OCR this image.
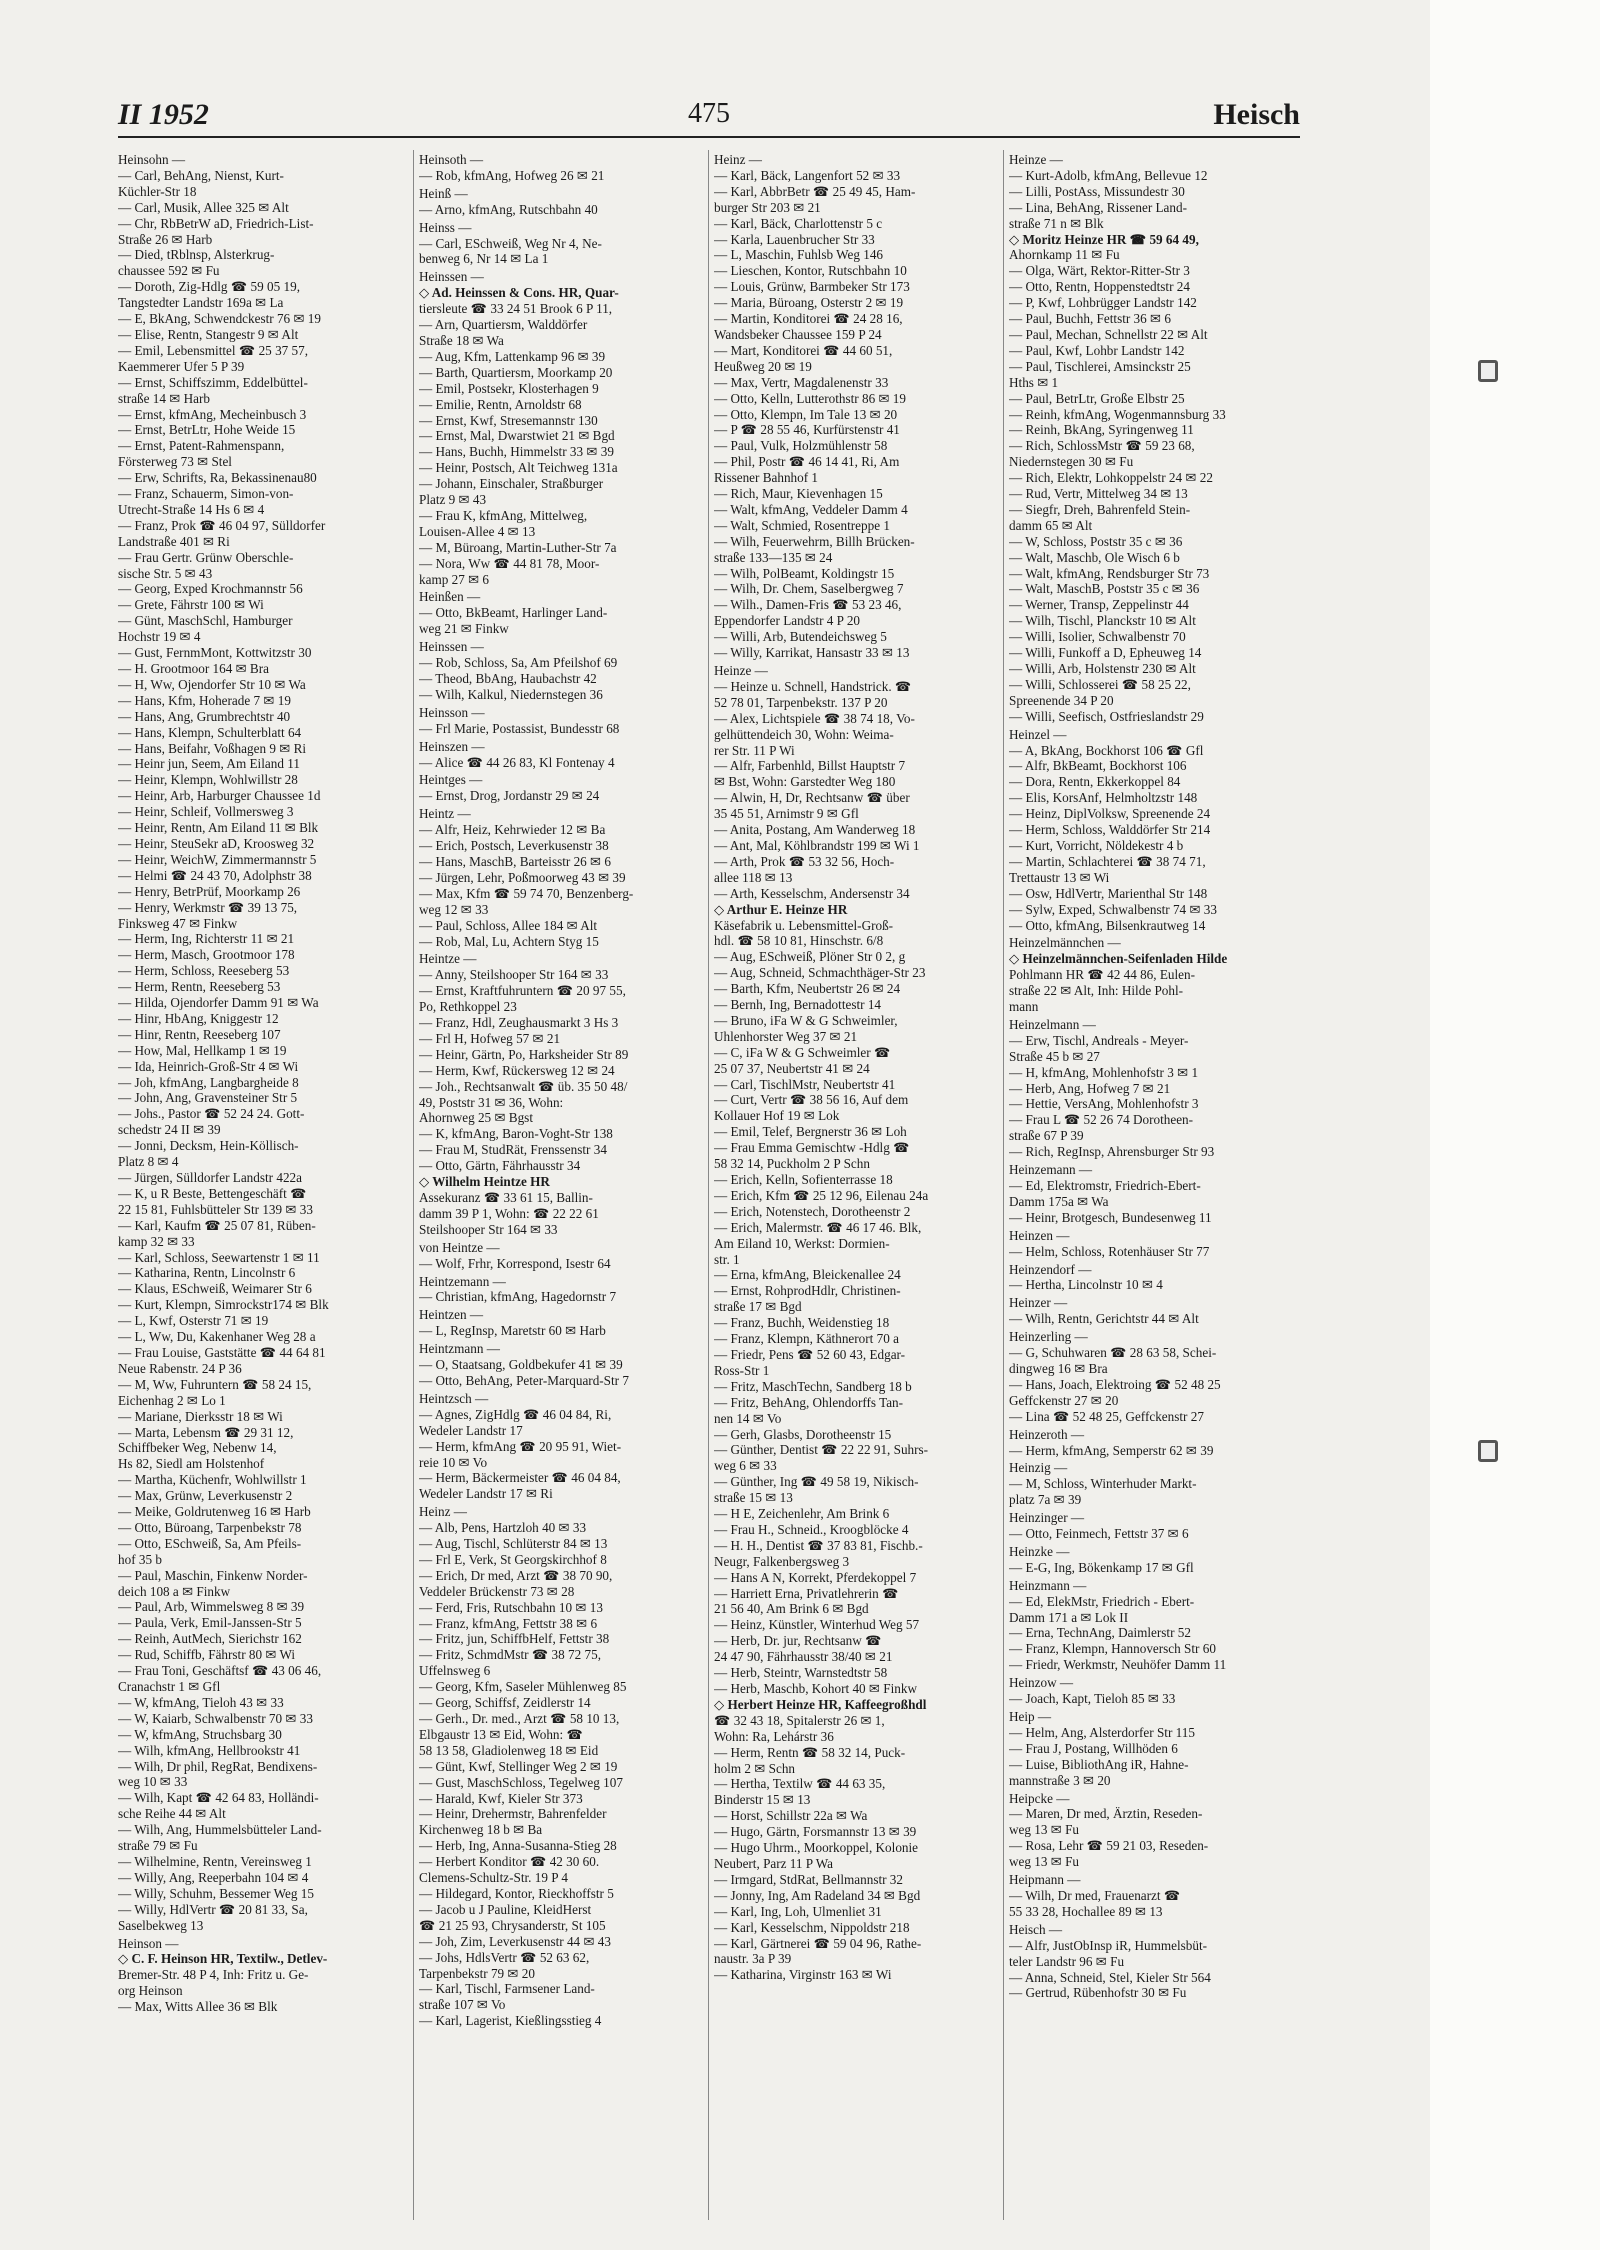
II 1952	475	Heisch
Heinsohn —
— Carl, BehAng, Nienst, Kurt-
Küchler-Str 18
— Carl, Musik, Allee 325 ✉ Alt
— Chr, RbBetrW aD, Friedrich-List-
Straße 26 ✉ Harb
— Died, tRblnsp, Alsterkrug-
chaussee 592 ✉ Fu
— Doroth, Zig-Hdlg ☎ 59 05 19,
Tangstedter Landstr 169a ✉ La
— E, BkAng, Schwendckestr 76 ✉ 19
— Elise, Rentn, Stangestr 9 ✉ Alt
— Emil, Lebensmittel ☎ 25 37 57,
Kaemmerer Ufer 5 P 39
— Ernst, Schiffszimm, Eddelbüttel-
straße 14 ✉ Harb
— Ernst, kfmAng, Mecheinbusch 3
— Ernst, BetrLtr, Hohe Weide 15
— Ernst, Patent-Rahmenspann,
Försterweg 73 ✉ Stel
— Erw, Schrifts, Ra, Bekassinenau80
— Franz, Schauerm, Simon-von-
Utrecht-Straße 14 Hs 6 ✉ 4
— Franz, Prok ☎ 46 04 97, Sülldorfer
Landstraße 401 ✉ Ri
— Frau Gertr. Grünw Oberschle-
sische Str. 5 ✉ 43
— Georg, Exped Krochmannstr 56
— Grete, Fährstr 100 ✉ Wi
— Günt, MaschSchl, Hamburger
Hochstr 19 ✉ 4
— Gust, FernmMont, Kottwitzstr 30
— H. Grootmoor 164 ✉ Bra
— H, Ww, Ojendorfer Str 10 ✉ Wa
— Hans, Kfm, Hoherade 7 ✉ 19
— Hans, Ang, Grumbrechtstr 40
— Hans, Klempn, Schulterblatt 64
— Hans, Beifahr, Voßhagen 9 ✉ Ri
— Heinr jun, Seem, Am Eiland 11
— Heinr, Klempn, Wohlwillstr 28
— Heinr, Arb, Harburger Chaussee 1d
— Heinr, Schleif, Vollmersweg 3
— Heinr, Rentn, Am Eiland 11 ✉ Blk
— Heinr, SteuSekr aD, Kroosweg 32
— Heinr, WeichW, Zimmermannstr 5
— Helmi ☎ 24 43 70, Adolphstr 38
— Henry, BetrPrüf, Moorkamp 26
— Henry, Werkmstr ☎ 39 13 75,
Finksweg 47 ✉ Finkw
— Herm, Ing, Richterstr 11 ✉ 21
— Herm, Masch, Grootmoor 178
— Herm, Schloss, Reeseberg 53
— Herm, Rentn, Reeseberg 53
— Hilda, Ojendorfer Damm 91 ✉ Wa
— Hinr, HbAng, Kniggestr 12
— Hinr, Rentn, Reeseberg 107
— How, Mal, Hellkamp 1 ✉ 19
— Ida, Heinrich-Groß-Str 4 ✉ Wi
— Joh, kfmAng, Langbargheide 8
— John, Ang, Gravensteiner Str 5
— Johs., Pastor ☎ 52 24 24. Gott-
schedstr 24 II ✉ 39
— Jonni, Decksm, Hein-Köllisch-
Platz 8 ✉ 4
— Jürgen, Sülldorfer Landstr 422a
— K, u R Beste, Bettengeschäft ☎
22 15 81, Fuhlsbütteler Str 139 ✉ 33
— Karl, Kaufm ☎ 25 07 81, Rüben-
kamp 32 ✉ 33
— Karl, Schloss, Seewartenstr 1 ✉ 11
— Katharina, Rentn, Lincolnstr 6
— Klaus, ESchweiß, Weimarer Str 6
— Kurt, Klempn, Simrockstr174 ✉ Blk
— L, Kwf, Osterstr 71 ✉ 19
— L, Ww, Du, Kakenhaner Weg 28 a
— Frau Louise, Gaststätte ☎ 44 64 81
Neue Rabenstr. 24 P 36
— M, Ww, Fuhruntern ☎ 58 24 15,
Eichenhag 2 ✉ Lo 1
— Mariane, Dierksstr 18 ✉ Wi
— Marta, Lebensm ☎ 29 31 12,
Schiffbeker Weg, Nebenw 14,
Hs 82, Siedl am Holstenhof
— Martha, Küchenfr, Wohlwillstr 1
— Max, Grünw, Leverkusenstr 2
— Meike, Goldrutenweg 16 ✉ Harb
— Otto, Büroang, Tarpenbekstr 78
— Otto, ESchweiß, Sa, Am Pfeils-
hof 35 b
— Paul, Maschin, Finkenw Norder-
deich 108 a ✉ Finkw
— Paul, Arb, Wimmelsweg 8 ✉ 39
— Paula, Verk, Emil-Janssen-Str 5
— Reinh, AutMech, Sierichstr 162
— Rud, Schiffb, Fährstr 80 ✉ Wi
— Frau Toni, Geschäftsf ☎ 43 06 46,
Cranachstr 1 ✉ Gfl
— W, kfmAng, Tieloh 43 ✉ 33
— W, Kaiarb, Schwalbenstr 70 ✉ 33
— W, kfmAng, Struchsbarg 30
— Wilh, kfmAng, Hellbrookstr 41
— Wilh, Dr phil, RegRat, Bendixens-
weg 10 ✉ 33
— Wilh, Kapt ☎ 42 64 83, Holländi-
sche Reihe 44 ✉ Alt
— Wilh, Ang, Hummelsbütteler Land-
straße 79 ✉ Fu
— Wilhelmine, Rentn, Vereinsweg 1
— Willy, Ang, Reeperbahn 104 ✉ 4
— Willy, Schuhm, Bessemer Weg 15
— Willy, HdlVertr ☎ 20 81 33, Sa,
Saselbekweg 13
Heinson —
◇ C. F. Heinson HR, Textilw., Detlev-
Bremer-Str. 48 P 4, Inh: Fritz u. Ge-
org Heinson
— Max, Witts Allee 36 ✉ Blk
Heinsoth —
— Rob, kfmAng, Hofweg 26 ✉ 21
Heinß —
— Arno, kfmAng, Rutschbahn 40
Heinss —
— Carl, ESchweiß, Weg Nr 4, Ne-
benweg 6, Nr 14 ✉ La 1
Heinssen —
◇ Ad. Heinssen & Cons. HR, Quar-
tiersleute ☎ 33 24 51 Brook 6 P 11,
— Arn, Quartiersm, Walddörfer
Straße 18 ✉ Wa
— Aug, Kfm, Lattenkamp 96 ✉ 39
— Barth, Quartiersm, Moorkamp 20
— Emil, Postsekr, Klosterhagen 9
— Emilie, Rentn, Arnoldstr 68
— Ernst, Kwf, Stresemannstr 130
— Ernst, Mal, Dwarstwiet 21 ✉ Bgd
— Hans, Buchh, Himmelstr 33 ✉ 39
— Heinr, Postsch, Alt Teichweg 131a
— Johann, Einschaler, Straßburger
Platz 9 ✉ 43
— Frau K, kfmAng, Mittelweg,
Louisen-Allee 4 ✉ 13
— M, Büroang, Martin-Luther-Str 7a
— Nora, Ww ☎ 44 81 78, Moor-
kamp 27 ✉ 6
Heinßen —
— Otto, BkBeamt, Harlinger Land-
weg 21 ✉ Finkw
Heinssen —
— Rob, Schloss, Sa, Am Pfeilshof 69
— Theod, BbAng, Haubachstr 42
— Wilh, Kalkul, Niedernstegen 36
Heinsson —
— Frl Marie, Postassist, Bundesstr 68
Heinszen —
— Alice ☎ 44 26 83, Kl Fontenay 4
Heintges —
— Ernst, Drog, Jordanstr 29 ✉ 24
Heintz —
— Alfr, Heiz, Kehrwieder 12 ✉ Ba
— Erich, Postsch, Leverkusenstr 38
— Hans, MaschB, Barteisstr 26 ✉ 6
— Jürgen, Lehr, Poßmoorweg 43 ✉ 39
— Max, Kfm ☎ 59 74 70, Benzenberg-
weg 12 ✉ 33
— Paul, Schloss, Allee 184 ✉ Alt
— Rob, Mal, Lu, Achtern Styg 15
Heintze —
— Anny, Steilshooper Str 164 ✉ 33
— Ernst, Kraftfuhruntern ☎ 20 97 55,
Po, Rethkoppel 23
— Franz, Hdl, Zeughausmarkt 3 Hs 3
— Frl H, Hofweg 57 ✉ 21
— Heinr, Gärtn, Po, Harksheider Str 89
— Herm, Kwf, Rückersweg 12 ✉ 24
— Joh., Rechtsanwalt ☎ üb. 35 50 48/
49, Poststr 31 ✉ 36, Wohn:
Ahornweg 25 ✉ Bgst
— K, kfmAng, Baron-Voght-Str 138
— Frau M, StudRät, Frenssenstr 34
— Otto, Gärtn, Fährhausstr 34
◇ Wilhelm Heintze HR
Assekuranz ☎ 33 61 15, Ballin-
damm 39 P 1, Wohn: ☎ 22 22 61
Steilshooper Str 164 ✉ 33
von Heintze —
— Wolf, Frhr, Korrespond, Isestr 64
Heintzemann —
— Christian, kfmAng, Hagedornstr 7
Heintzen —
— L, RegInsp, Maretstr 60 ✉ Harb
Heintzmann —
— O, Staatsang, Goldbekufer 41 ✉ 39
— Otto, BehAng, Peter-Marquard-Str 7
Heintzsch —
— Agnes, ZigHdlg ☎ 46 04 84, Ri,
Wedeler Landstr 17
— Herm, kfmAng ☎ 20 95 91, Wiet-
reie 10 ✉ Vo
— Herm, Bäckermeister ☎ 46 04 84,
Wedeler Landstr 17 ✉ Ri
Heinz —
— Alb, Pens, Hartzloh 40 ✉ 33
— Aug, Tischl, Schlüterstr 84 ✉ 13
— Frl E, Verk, St Georgskirchhof 8
— Erich, Dr med, Arzt ☎ 38 70 90,
Veddeler Brückenstr 73 ✉ 28
— Ferd, Fris, Rutschbahn 10 ✉ 13
— Franz, kfmAng, Fettstr 38 ✉ 6
— Fritz, jun, SchiffbHelf, Fettstr 38
— Fritz, SchmdMstr ☎ 38 72 75,
Uffelnsweg 6
— Georg, Kfm, Saseler Mühlenweg 85
— Georg, Schiffsf, Zeidlerstr 14
— Gerh., Dr. med., Arzt ☎ 58 10 13,
Elbgaustr 13 ✉ Eid, Wohn: ☎
58 13 58, Gladiolenweg 18 ✉ Eid
— Günt, Kwf, Stellinger Weg 2 ✉ 19
— Gust, MaschSchloss, Tegelweg 107
— Harald, Kwf, Kieler Str 373
— Heinr, Drehermstr, Bahrenfelder
Kirchenweg 18 b ✉ Ba
— Herb, Ing, Anna-Susanna-Stieg 28
— Herbert Konditor ☎ 42 30 60.
Clemens-Schultz-Str. 19 P 4
— Hildegard, Kontor, Rieckhoffstr 5
— Jacob u J Pauline, KleidHerst
☎ 21 25 93, Chrysanderstr, St 105
— Joh, Zim, Leverkusenstr 44 ✉ 43
— Johs, HdlsVertr ☎ 52 63 62,
Tarpenbekstr 79 ✉ 20
— Karl, Tischl, Farmsener Land-
straße 107 ✉ Vo
— Karl, Lagerist, Kießlingsstieg 4
Heinz —
— Karl, Bäck, Langenfort 52 ✉ 33
— Karl, AbbrBetr ☎ 25 49 45, Ham-
burger Str 203 ✉ 21
— Karl, Bäck, Charlottenstr 5 c
— Karla, Lauenbrucher Str 33
— L, Maschin, Fuhlsb Weg 146
— Lieschen, Kontor, Rutschbahn 10
— Louis, Grünw, Barmbeker Str 173
— Maria, Büroang, Osterstr 2 ✉ 19
— Martin, Konditorei ☎ 24 28 16,
Wandsbeker Chaussee 159 P 24
— Mart, Konditorei ☎ 44 60 51,
Heußweg 20 ✉ 19
— Max, Vertr, Magdalenenstr 33
— Otto, Kelln, Lutterothstr 86 ✉ 19
— Otto, Klempn, Im Tale 13 ✉ 20
— P ☎ 28 55 46, Kurfürstenstr 41
— Paul, Vulk, Holzmühlenstr 58
— Phil, Postr ☎ 46 14 41, Ri, Am
Rissener Bahnhof 1
— Rich, Maur, Kievenhagen 15
— Walt, kfmAng, Veddeler Damm 4
— Walt, Schmied, Rosentreppe 1
— Wilh, Feuerwehrm, Billh Brücken-
straße 133—135 ✉ 24
— Wilh, PolBeamt, Koldingstr 15
— Wilh, Dr. Chem, Saselbergweg 7
— Wilh., Damen-Fris ☎ 53 23 46,
Eppendorfer Landstr 4 P 20
— Willi, Arb, Butendeichsweg 5
— Willy, Karrikat, Hansastr 33 ✉ 13
Heinze —
— Heinze u. Schnell, Handstrick. ☎
52 78 01, Tarpenbekstr. 137 P 20
— Alex, Lichtspiele ☎ 38 74 18, Vo-
gelhüttendeich 30, Wohn: Weima-
rer Str. 11 P Wi
— Alfr, Farbenhld, Billst Hauptstr 7
✉ Bst, Wohn: Garstedter Weg 180
— Alwin, H, Dr, Rechtsanw ☎ über
35 45 51, Arnimstr 9 ✉ Gfl
— Anita, Postang, Am Wanderweg 18
— Ant, Mal, Köhlbrandstr 199 ✉ Wi 1
— Arth, Prok ☎ 53 32 56, Hoch-
allee 118 ✉ 13
— Arth, Kesselschm, Andersenstr 34
◇ Arthur E. Heinze HR
Käsefabrik u. Lebensmittel-Groß-
hdl. ☎ 58 10 81, Hinschstr. 6/8
— Aug, ESchweiß, Plöner Str 0 2, g
— Aug, Schneid, Schmachthäger-Str 23
— Barth, Kfm, Neubertstr 26 ✉ 24
— Bernh, Ing, Bernadottestr 14
— Bruno, iFa W & G Schweimler,
Uhlenhorster Weg 37 ✉ 21
— C, iFa W & G Schweimler ☎
25 07 37, Neubertstr 41 ✉ 24
— Carl, TischlMstr, Neubertstr 41
— Curt, Vertr ☎ 38 56 16, Auf dem
Kollauer Hof 19 ✉ Lok
— Emil, Telef, Bergnerstr 36 ✉ Loh
— Frau Emma Gemischtw -Hdlg ☎
58 32 14, Puckholm 2 P Schn
— Erich, Kelln, Sofienterrasse 18
— Erich, Kfm ☎ 25 12 96, Eilenau 24a
— Erich, Notenstech, Dorotheenstr 2
— Erich, Malermstr. ☎ 46 17 46. Blk,
Am Eiland 10, Werkst: Dormien-
str. 1
— Erna, kfmAng, Bleickenallee 24
— Ernst, RohprodHdlr, Christinen-
straße 17 ✉ Bgd
— Franz, Buchh, Weidenstieg 18
— Franz, Klempn, Käthnerort 70 a
— Friedr, Pens ☎ 52 60 43, Edgar-
Ross-Str 1
— Fritz, MaschTechn, Sandberg 18 b
— Fritz, BehAng, Ohlendorffs Tan-
nen 14 ✉ Vo
— Gerh, Glasbs, Dorotheenstr 15
— Günther, Dentist ☎ 22 22 91, Suhrs-
weg 6 ✉ 33
— Günther, Ing ☎ 49 58 19, Nikisch-
straße 15 ✉ 13
— H E, Zeichenlehr, Am Brink 6
— Frau H., Schneid., Kroogblöcke 4
— H. H., Dentist ☎ 37 83 81, Fischb.-
Neugr, Falkenbergsweg 3
— Hans A N, Korrekt, Pferdekoppel 7
— Harriett Erna, Privatlehrerin ☎
21 56 40, Am Brink 6 ✉ Bgd
— Heinz, Künstler, Winterhud Weg 57
— Herb, Dr. jur, Rechtsanw ☎
24 47 90, Fährhausstr 38/40 ✉ 21
— Herb, Steintr, Warnstedtstr 58
— Herb, Maschb, Kohort 40 ✉ Finkw
◇ Herbert Heinze HR, Kaffeegroßhdl
☎ 32 43 18, Spitalerstr 26 ✉ 1,
Wohn: Ra, Lehárstr 36
— Herm, Rentn ☎ 58 32 14, Puck-
holm 2 ✉ Schn
— Hertha, Textilw ☎ 44 63 35,
Binderstr 15 ✉ 13
— Horst, Schillstr 22a ✉ Wa
— Hugo, Gärtn, Forsmannstr 13 ✉ 39
— Hugo Uhrm., Moorkoppel, Kolonie
Neubert, Parz 11 P Wa
— Irmgard, StdRat, Bellmannstr 32
— Jonny, Ing, Am Radeland 34 ✉ Bgd
— Karl, Ing, Loh, Ulmenliet 31
— Karl, Kesselschm, Nippoldstr 218
— Karl, Gärtnerei ☎ 59 04 96, Rathe-
naustr. 3a P 39
— Katharina, Virginstr 163 ✉ Wi
Heinze —
— Kurt-Adolb, kfmAng, Bellevue 12
— Lilli, PostAss, Missundestr 30
— Lina, BehAng, Rissener Land-
straße 71 n ✉ Blk
◇ Moritz Heinze HR ☎ 59 64 49,
Ahornkamp 11 ✉ Fu
— Olga, Wärt, Rektor-Ritter-Str 3
— Otto, Rentn, Hoppenstedtstr 24
— P, Kwf, Lohbrügger Landstr 142
— Paul, Buchh, Fettstr 36 ✉ 6
— Paul, Mechan, Schnellstr 22 ✉ Alt
— Paul, Kwf, Lohbr Landstr 142
— Paul, Tischlerei, Amsinckstr 25
Hths ✉ 1
— Paul, BetrLtr, Große Elbstr 25
— Reinh, kfmAng, Wogenmannsburg 33
— Reinh, BkAng, Syringenweg 11
— Rich, SchlossMstr ☎ 59 23 68,
Niedernstegen 30 ✉ Fu
— Rich, Elektr, Lohkoppelstr 24 ✉ 22
— Rud, Vertr, Mittelweg 34 ✉ 13
— Siegfr, Dreh, Bahrenfeld Stein-
damm 65 ✉ Alt
— W, Schloss, Poststr 35 c ✉ 36
— Walt, Maschb, Ole Wisch 6 b
— Walt, kfmAng, Rendsburger Str 73
— Walt, MaschB, Poststr 35 c ✉ 36
— Werner, Transp, Zeppelinstr 44
— Wilh, Tischl, Planckstr 10 ✉ Alt
— Willi, Isolier, Schwalbenstr 70
— Willi, Funkoff a D, Epheuweg 14
— Willi, Arb, Holstenstr 230 ✉ Alt
— Willi, Schlosserei ☎ 58 25 22,
Spreenende 34 P 20
— Willi, Seefisch, Ostfrieslandstr 29
Heinzel —
— A, BkAng, Bockhorst 106 ☎ Gfl
— Alfr, BkBeamt, Bockhorst 106
— Dora, Rentn, Ekkerkoppel 84
— Elis, KorsAnf, Helmholtzstr 148
— Heinz, DiplVolksw, Spreenende 24
— Herm, Schloss, Walddörfer Str 214
— Kurt, Vorricht, Nöldekestr 4 b
— Martin, Schlachterei ☎ 38 74 71,
Trettaustr 13 ✉ Wi
— Osw, HdlVertr, Marienthal Str 148
— Sylw, Exped, Schwalbenstr 74 ✉ 33
— Otto, kfmAng, Bilsenkrautweg 14
Heinzelmännchen —
◇ Heinzelmännchen-Seifenladen Hilde
Pohlmann HR ☎ 42 44 86, Eulen-
straße 22 ✉ Alt, Inh: Hilde Pohl-
mann
Heinzelmann —
— Erw, Tischl, Andreals - Meyer-
Straße 45 b ✉ 27
— H, kfmAng, Mohlenhofstr 3 ✉ 1
— Herb, Ang, Hofweg 7 ✉ 21
— Hettie, VersAng, Mohlenhofstr 3
— Frau L ☎ 52 26 74 Dorotheen-
straße 67 P 39
— Rich, RegInsp, Ahrensburger Str 93
Heinzemann —
— Ed, Elektromstr, Friedrich-Ebert-
Damm 175a ✉ Wa
— Heinr, Brotgesch, Bundesenweg 11
Heinzen —
— Helm, Schloss, Rotenhäuser Str 77
Heinzendorf —
— Hertha, Lincolnstr 10 ✉ 4
Heinzer —
— Wilh, Rentn, Gerichtstr 44 ✉ Alt
Heinzerling —
— G, Schuhwaren ☎ 28 63 58, Schei-
dingweg 16 ✉ Bra
— Hans, Joach, Elektroing ☎ 52 48 25
Geffckenstr 27 ✉ 20
— Lina ☎ 52 48 25, Geffckenstr 27
Heinzeroth —
— Herm, kfmAng, Semperstr 62 ✉ 39
Heinzig —
— M, Schloss, Winterhuder Markt-
platz 7a ✉ 39
Heinzinger —
— Otto, Feinmech, Fettstr 37 ✉ 6
Heinzke —
— E-G, Ing, Bökenkamp 17 ✉ Gfl
Heinzmann —
— Ed, ElekMstr, Friedrich - Ebert-
Damm 171 a ✉ Lok II
— Erna, TechnAng, Daimlerstr 52
— Franz, Klempn, Hannoversch Str 60
— Friedr, Werkmstr, Neuhöfer Damm 11
Heinzow —
— Joach, Kapt, Tieloh 85 ✉ 33
Heip —
— Helm, Ang, Alsterdorfer Str 115
— Frau J, Postang, Willhöden 6
— Luise, BibliothAng iR, Hahne-
mannstraße 3 ✉ 20
Heipcke —
— Maren, Dr med, Ärztin, Reseden-
weg 13 ✉ Fu
— Rosa, Lehr ☎ 59 21 03, Reseden-
weg 13 ✉ Fu
Heipmann —
— Wilh, Dr med, Frauenarzt ☎
55 33 28, Hochallee 89 ✉ 13
Heisch —
— Alfr, JustObInsp iR, Hummelsbüt-
teler Landstr 96 ✉ Fu
— Anna, Schneid, Stel, Kieler Str 564
— Gertrud, Rübenhofstr 30 ✉ Fu
